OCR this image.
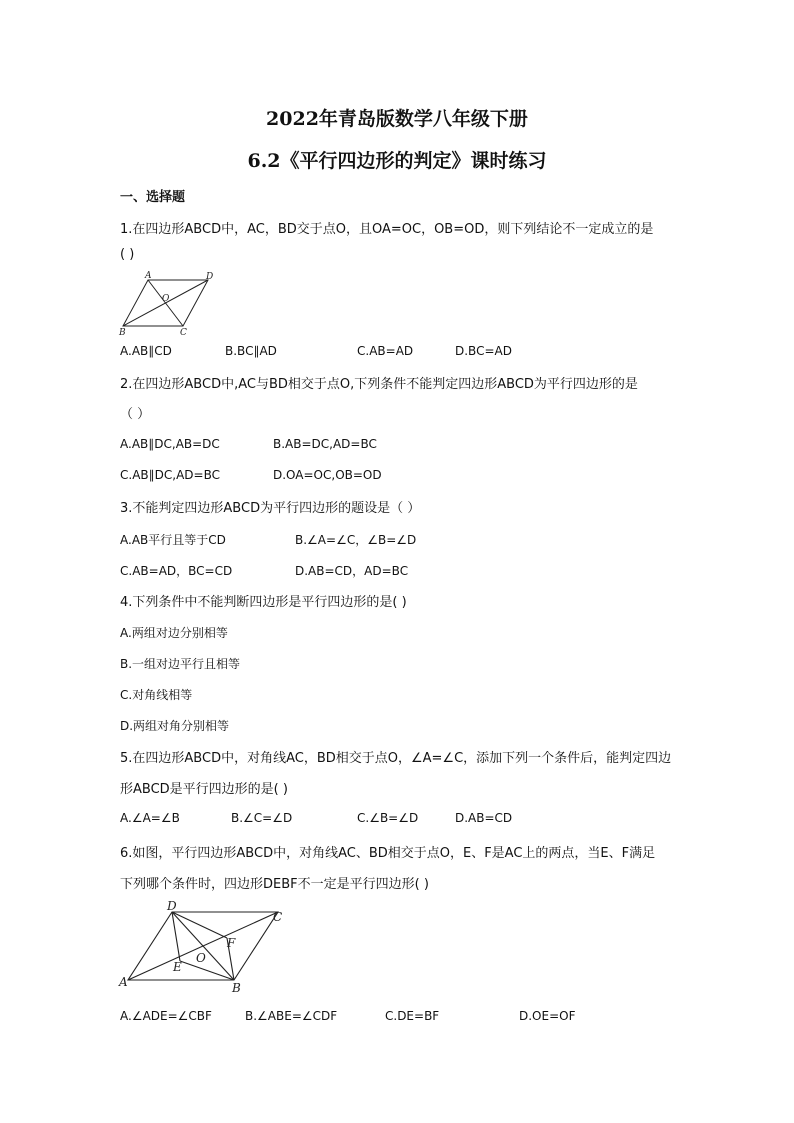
2022年青岛版数学八年级下册
6.2《平行四边形的判定》课时练习
一、选择题
1.在四边形ABCD中，AC，BD交于点O，且OA=OC，OB=OD，则下列结论不一定成立的是
( )
A	D
O
B	C
A.AB∥CD	B.BC∥AD	C.AB=AD	D.BC=AD
2.在四边形ABCD中,AC与BD相交于点O,下列条件不能判定四边形ABCD为平行四边形的是
（ ）
A.AB∥DC,AB=DC	B.AB=DC,AD=BC
C.AB∥DC,AD=BC	D.OA=OC,OB=OD
3.不能判定四边形ABCD为平行四边形的题设是（ ）
A.AB平行且等于CD	B.∠A=∠C，∠B=∠D
C.AB=AD，BC=CD	D.AB=CD，AD=BC
4.下列条件中不能判断四边形是平行四边形的是( )
A.两组对边分别相等
B.一组对边平行且相等
C.对角线相等
D.两组对角分别相等
5.在四边形ABCD中，对角线AC，BD相交于点O，∠A=∠C，添加下列一个条件后，能判定四边
形ABCD是平行四边形的是( )
A.∠A=∠B	B.∠C=∠D	C.∠B=∠D	D.AB=CD
6.如图，平行四边形ABCD中，对角线AC、BD相交于点O，E、F是AC上的两点，当E、F满足
下列哪个条件时，四边形DEBF不一定是平行四边形( )
D
C
F
O
E
A	B
A.∠ADE=∠CBF	B.∠ABE=∠CDF	C.DE=BF	D.OE=OF
